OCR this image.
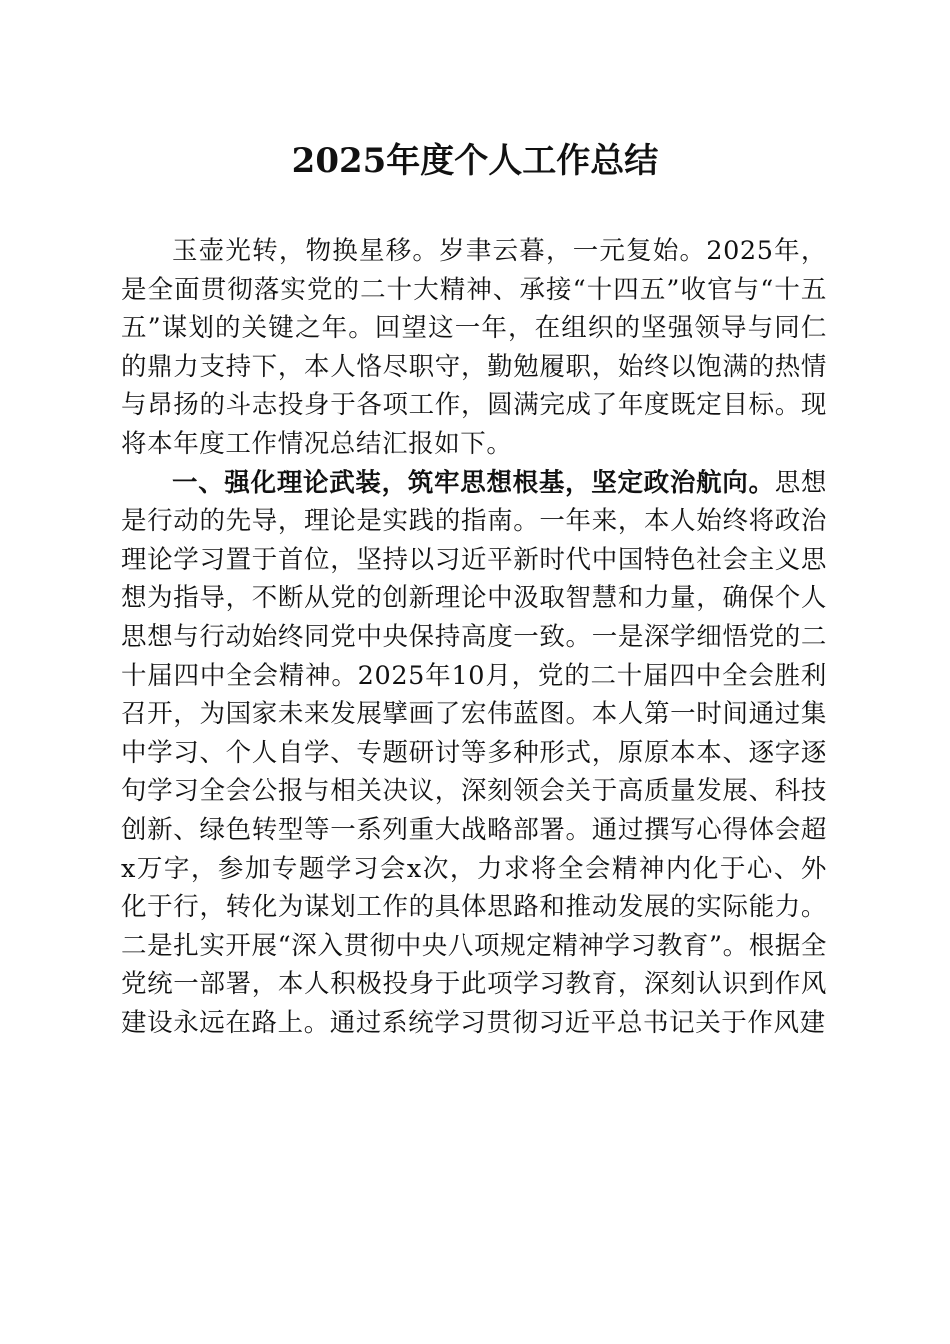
2025年度个人工作总结

玉壶光转，物换星移。岁聿云暮，一元复始。2025年，是全面贯彻落实党的二十大精神、承接“十四五”收官与“十五五”谋划的关键之年。回望这一年，在组织的坚强领导与同仁的鼎力支持下，本人恪尽职守，勤勉履职，始终以饱满的热情与昂扬的斗志投身于各项工作，圆满完成了年度既定目标。现将本年度工作情况总结汇报如下。

一、强化理论武装，筑牢思想根基，坚定政治航向。思想是行动的先导，理论是实践的指南。一年来，本人始终将政治理论学习置于首位，坚持以习近平新时代中国特色社会主义思想为指导，不断从党的创新理论中汲取智慧和力量，确保个人思想与行动始终同党中央保持高度一致。一是深学细悟党的二十届四中全会精神。2025年10月，党的二十届四中全会胜利召开，为国家未来发展擘画了宏伟蓝图。本人第一时间通过集中学习、个人自学、专题研讨等多种形式，原原本本、逐字逐句学习全会公报与相关决议，深刻领会关于高质量发展、科技创新、绿色转型等一系列重大战略部署。通过撰写心得体会超x万字，参加专题学习会x次，力求将全会精神内化于心、外化于行，转化为谋划工作的具体思路和推动发展的实际能力。二是扎实开展“深入贯彻中央八项规定精神学习教育”。根据全党统一部署，本人积极投身于此项学习教育，深刻认识到作风建设永远在路上。通过系统学习贯彻习近平总书记关于作风建
